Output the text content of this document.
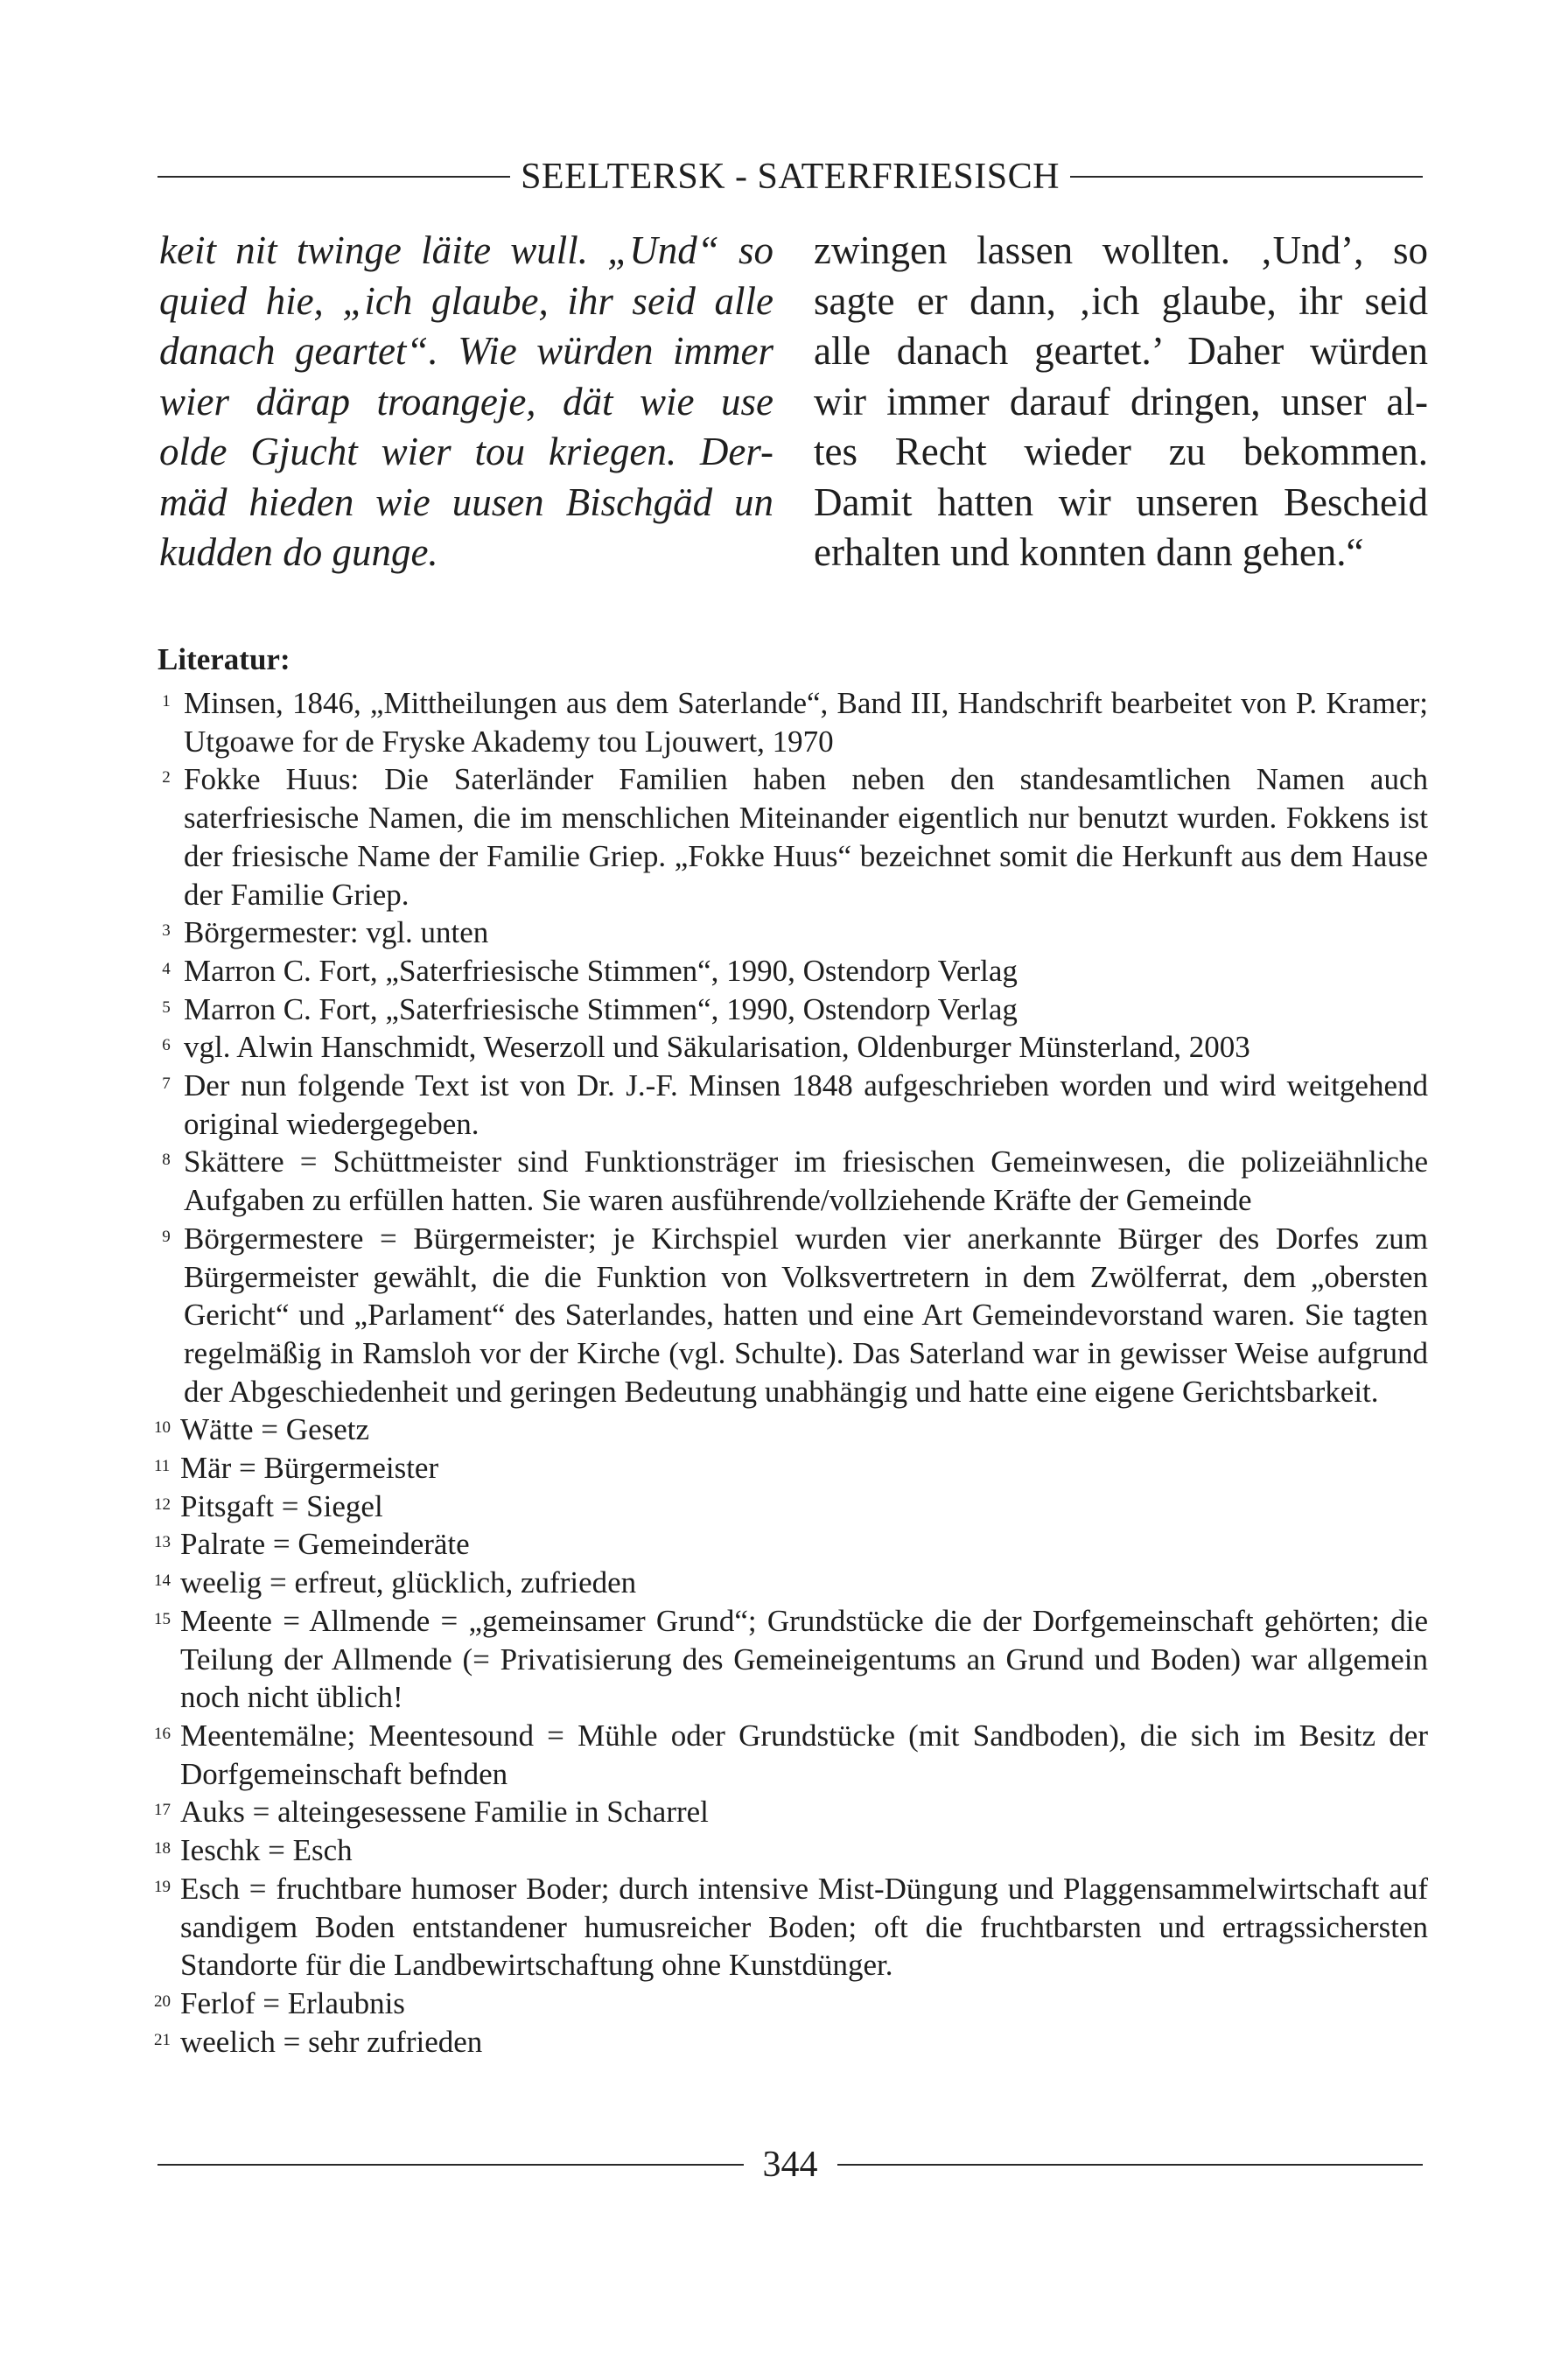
SEELTERSK - SATERFRIESISCH
keit nit twinge läite wull. „Und“ so
quied hie, „ich glaube, ihr seid alle
danach geartet“. Wie würden immer
wier därap troangeje, dät wie use
olde Gjucht wier tou kriegen. Der-
mäd hieden wie uusen Bischgäd un
kudden do gunge.
zwingen lassen wollten. ‚Und’, so
sagte er dann, ‚ich glaube, ihr seid
alle danach geartet.’ Daher würden
wir immer darauf dringen, unser al-
tes Recht wieder zu bekommen.
Damit hatten wir unseren Bescheid
erhalten und konnten dann gehen.“
Literatur:
1 Minsen, 1846, „Mittheilungen aus dem Saterlande“, Band III, Handschrift bearbeitet von P. Kramer; Utgoawe for de Fryske Akademy tou Ljouwert, 1970
2 Fokke Huus: Die Saterländer Familien haben neben den standesamtlichen Namen auch saterfriesische Namen, die im menschlichen Miteinander eigentlich nur benutzt wurden. Fokkens ist der friesische Name der Familie Griep. „Fokke Huus“ bezeichnet somit die Herkunft aus dem Hause der Familie Griep.
3 Börgermester: vgl. unten
4 Marron C. Fort, „Saterfriesische Stimmen“, 1990, Ostendorp Verlag
5 Marron C. Fort, „Saterfriesische Stimmen“, 1990, Ostendorp Verlag
6 vgl. Alwin Hanschmidt, Weserzoll und Säkularisation, Oldenburger Münsterland, 2003
7 Der nun folgende Text ist von Dr. J.-F. Minsen 1848 aufgeschrieben worden und wird weitgehend original wiedergegeben.
8 Skättere = Schüttmeister sind Funktionsträger im friesischen Gemeinwesen, die polizeiähnliche Aufgaben zu erfüllen hatten. Sie waren ausführende/vollziehende Kräfte der Gemeinde
9 Börgermestere = Bürgermeister; je Kirchspiel wurden vier anerkannte Bürger des Dorfes zum Bürgermeister gewählt, die die Funktion von Volksvertretern in dem Zwölferrat, dem „obersten Gericht“ und „Parlament“ des Saterlandes, hatten und eine Art Gemeindevorstand waren. Sie tagten regelmäßig in Ramsloh vor der Kirche (vgl. Schulte). Das Saterland war in gewisser Weise aufgrund der Abgeschiedenheit und geringen Bedeutung unabhängig und hatte eine eigene Gerichtsbarkeit.
10 Wätte = Gesetz
11 Mär = Bürgermeister
12 Pitsgaft = Siegel
13 Palrate = Gemeinderäte
14 weelig = erfreut, glücklich, zufrieden
15 Meente = Allmende = „gemeinsamer Grund“; Grundstücke die der Dorfgemeinschaft gehörten; die Teilung der Allmende (= Privatisierung des Gemeineigentums an Grund und Boden) war allgemein noch nicht üblich!
16 Meentemälne; Meentesound = Mühle oder Grundstücke (mit Sandboden), die sich im Besitz der Dorfgemeinschaft befnden
17 Auks = alteingesessene Familie in Scharrel
18 Ieschk = Esch
19 Esch = fruchtbare humoser Boder; durch intensive Mist-Düngung und Plaggensammelwirtschaft auf sandigem Boden entstandener humusreicher Boden; oft die fruchtbarsten und ertragssichersten Standorte für die Landbewirtschaftung ohne Kunstdünger.
20 Ferlof = Erlaubnis
21 weelich = sehr zufrieden
344
